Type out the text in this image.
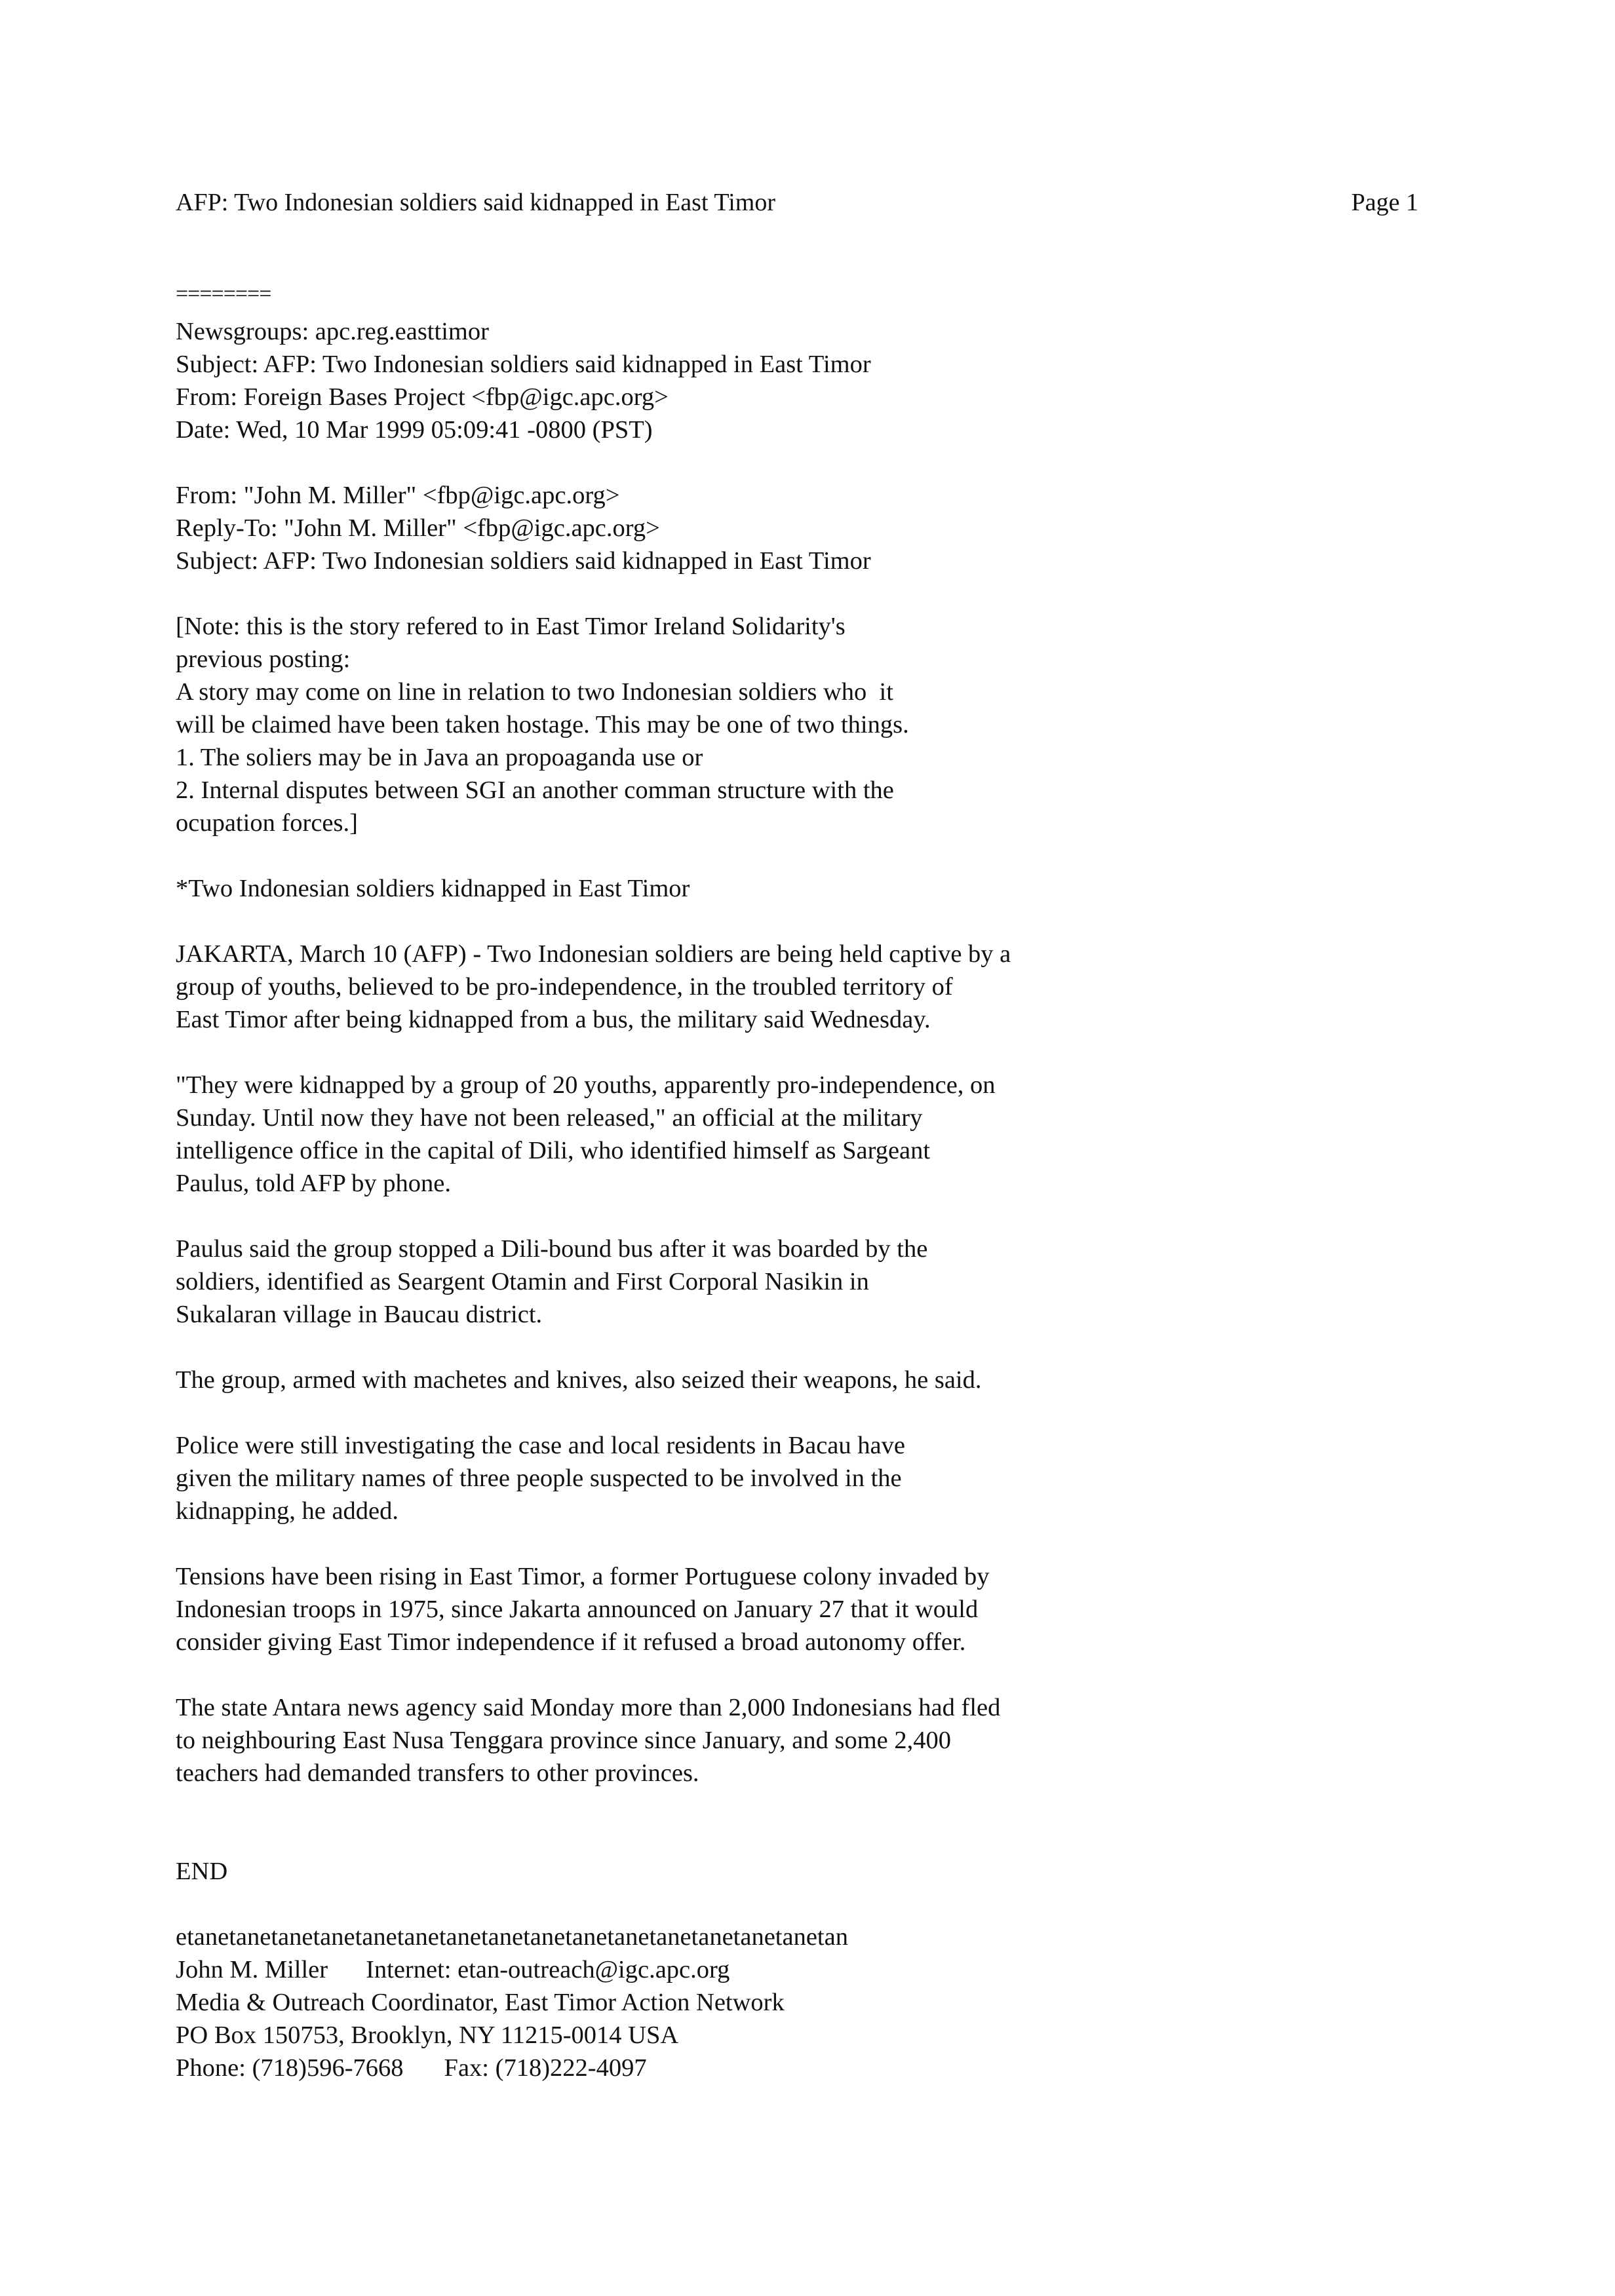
AFP: Two Indonesian soldiers said kidnapped in East Timor	Page 1
========
Newsgroups: apc.reg.easttimor
Subject: AFP: Two Indonesian soldiers said kidnapped in East Timor
From: Foreign Bases Project <fbp@igc.apc.org>
Date: Wed, 10 Mar 1999 05:09:41 -0800 (PST)
From: "John M. Miller" <fbp@igc.apc.org>
Reply-To: "John M. Miller" <fbp@igc.apc.org>
Subject: AFP: Two Indonesian soldiers said kidnapped in East Timor
[Note: this is the story refered to in East Timor Ireland Solidarity's
previous posting:
A story may come on line in relation to two Indonesian soldiers who  it
will be claimed have been taken hostage. This may be one of two things.
1. The soliers may be in Java an propoaganda use or
2. Internal disputes between SGI an another comman structure with the
ocupation forces.]
*Two Indonesian soldiers kidnapped in East Timor
JAKARTA, March 10 (AFP) - Two Indonesian soldiers are being held captive by a
group of youths, believed to be pro-independence, in the troubled territory of
East Timor after being kidnapped from a bus, the military said Wednesday.
"They were kidnapped by a group of 20 youths, apparently pro-independence, on
Sunday. Until now they have not been released," an official at the military
intelligence office in the capital of Dili, who identified himself as Sargeant
Paulus, told AFP by phone.
Paulus said the group stopped a Dili-bound bus after it was boarded by the
soldiers, identified as Seargent Otamin and First Corporal Nasikin in
Sukalaran village in Baucau district.
The group, armed with machetes and knives, also seized their weapons, he said.
Police were still investigating the case and local residents in Bacau have
given the military names of three people suspected to be involved in the
kidnapping, he added.
Tensions have been rising in East Timor, a former Portuguese colony invaded by
Indonesian troops in 1975, since Jakarta announced on January 27 that it would
consider giving East Timor independence if it refused a broad autonomy offer.
The state Antara news agency said Monday more than 2,000 Indonesians had fled
to neighbouring East Nusa Tenggara province since January, and some 2,400
teachers had demanded transfers to other provinces.
END
etanetanetanetanetanetanetanetanetanetanetanetanetanetanetanetan
John M. Miller Internet: etan-outreach@igc.apc.org
Media & Outreach Coordinator, East Timor Action Network
PO Box 150753, Brooklyn, NY 11215-0014 USA
Phone: (718)596-7668 Fax: (718)222-4097
